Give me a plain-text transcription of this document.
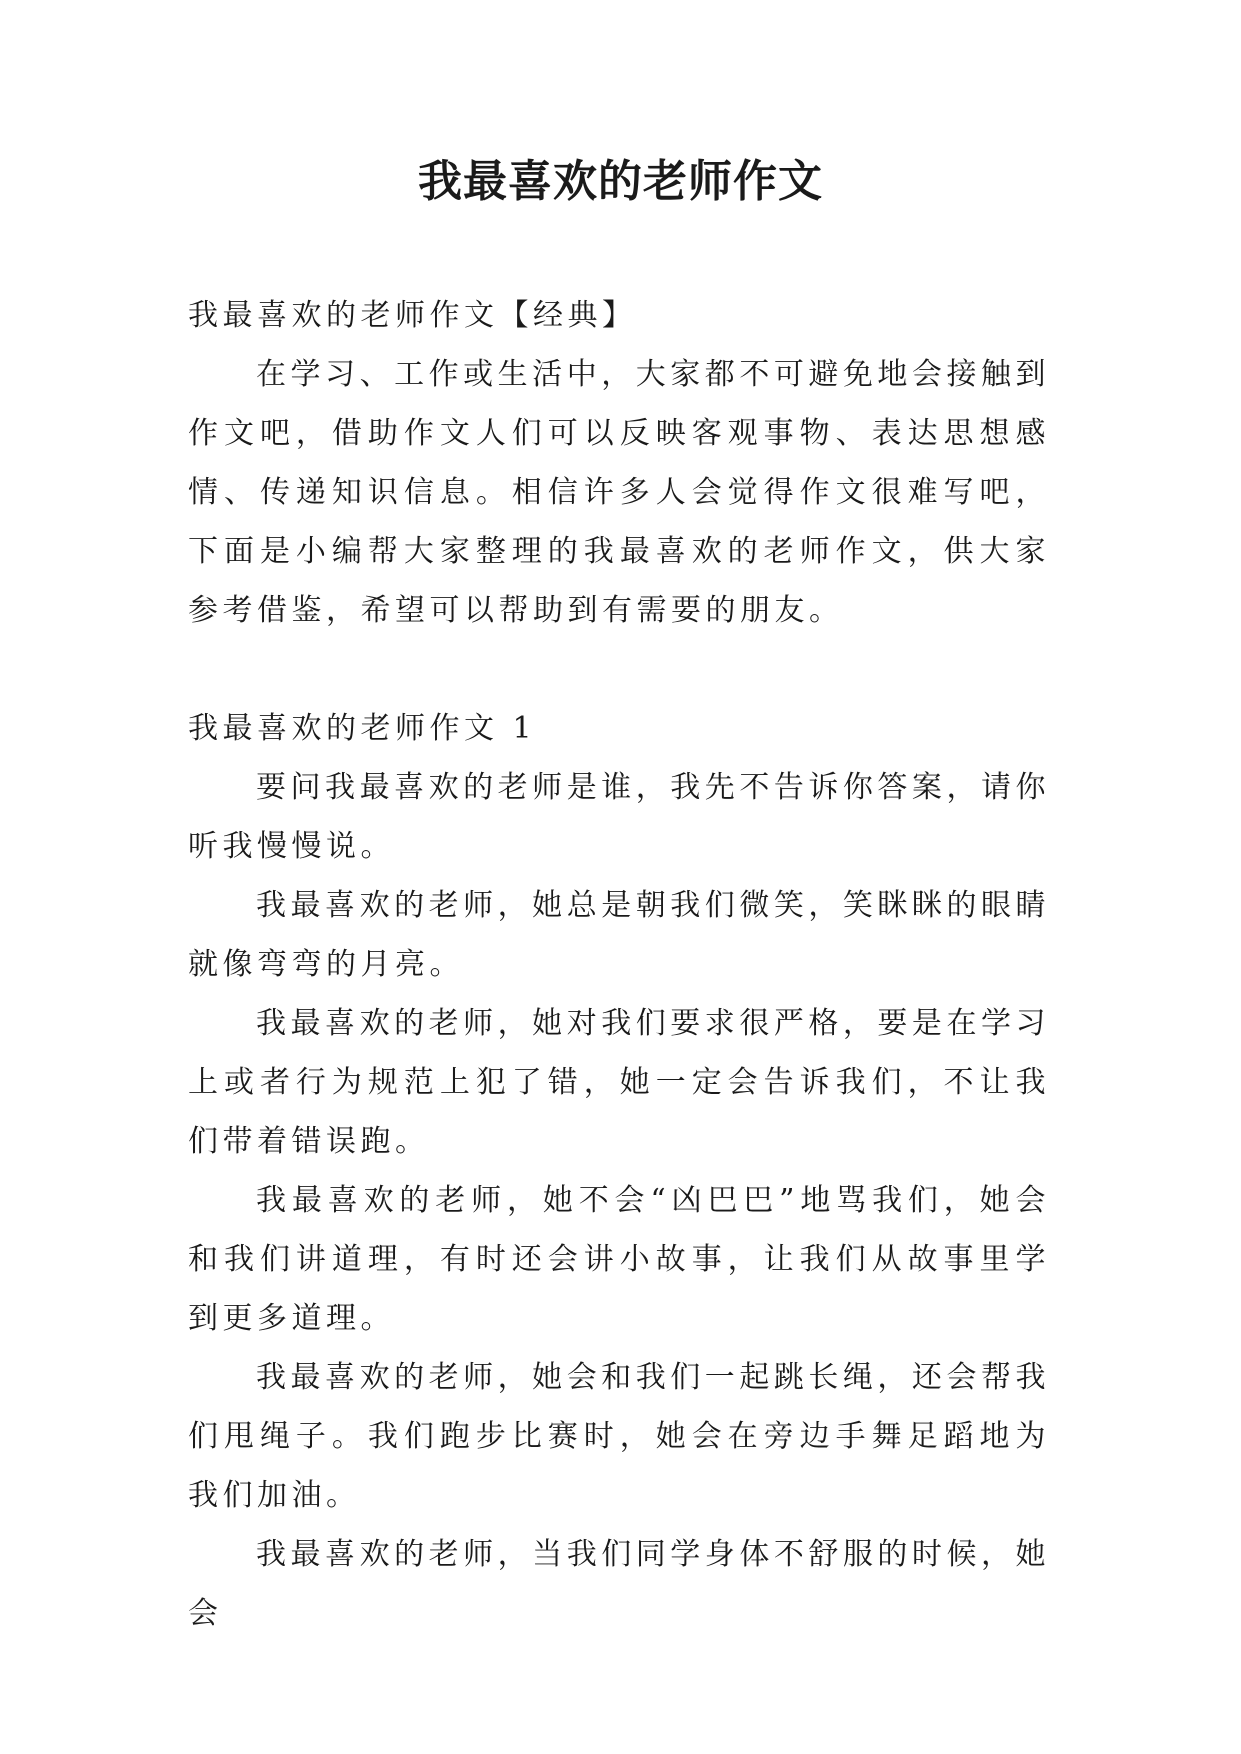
我最喜欢的老师作文

我最喜欢的老师作文【经典】

在学习、工作或生活中，大家都不可避免地会接触到作文吧，借助作文人们可以反映客观事物、表达思想感情、传递知识信息。相信许多人会觉得作文很难写吧，下面是小编帮大家整理的我最喜欢的老师作文，供大家参考借鉴，希望可以帮助到有需要的朋友。

我最喜欢的老师作文 1

要问我最喜欢的老师是谁，我先不告诉你答案，请你听我慢慢说。

我最喜欢的老师，她总是朝我们微笑，笑眯眯的眼睛就像弯弯的月亮。

我最喜欢的老师，她对我们要求很严格，要是在学习上或者行为规范上犯了错，她一定会告诉我们，不让我们带着错误跑。

我最喜欢的老师，她不会“凶巴巴”地骂我们，她会和我们讲道理，有时还会讲小故事，让我们从故事里学到更多道理。

我最喜欢的老师，她会和我们一起跳长绳，还会帮我们甩绳子。我们跑步比赛时，她会在旁边手舞足蹈地为我们加油。

我最喜欢的老师，当我们同学身体不舒服的时候，她会
